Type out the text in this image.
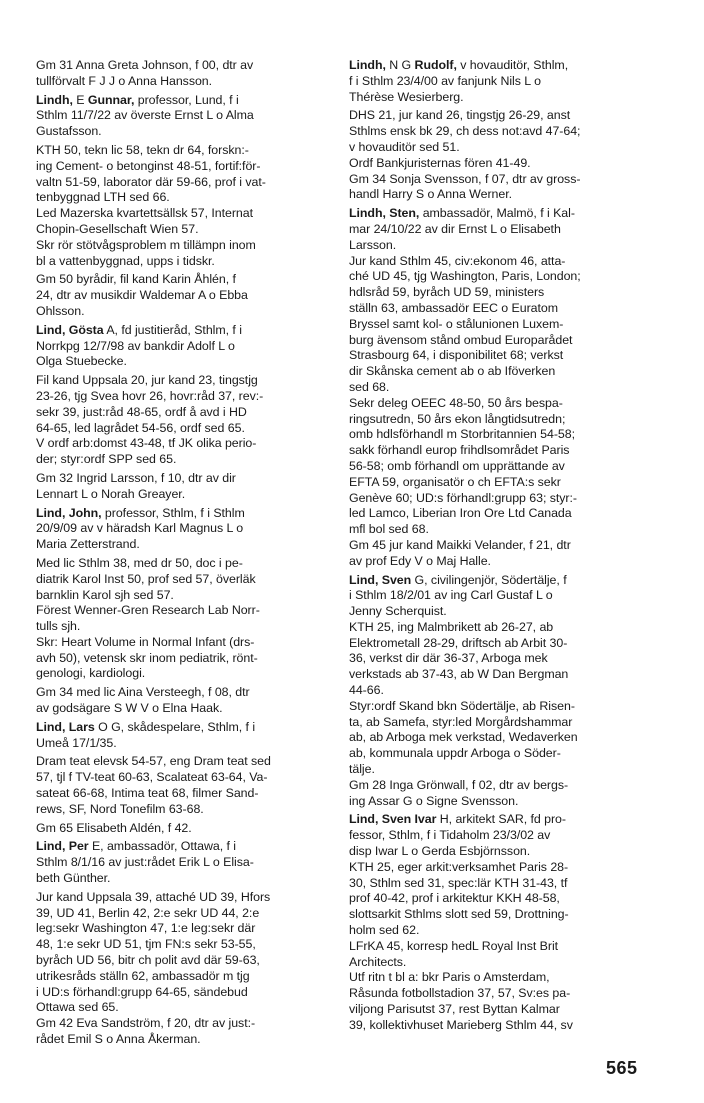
Gm 31 Anna Greta Johnson, f 00, dtr av
tullförvalt F J J o Anna Hansson.
Lindh, E Gunnar, professor, Lund, f i
Sthlm 11/7/22 av överste Ernst L o Alma
Gustafsson.
KTH 50, tekn lic 58, tekn dr 64, forskn:-
ing Cement- o betonginst 48-51, fortif:för-
valtn 51-59, laborator där 59-66, prof i vat-
tenbyggnad LTH sed 66.
Led Mazerska kvartettsällsk 57, Internat
Chopin-Gesellschaft Wien 57.
Skr rör stötvågsproblem m tillämpn inom
bl a vattenbyggnad, upps i tidskr.
Gm 50 byrådir, fil kand Karin Åhlén, f
24, dtr av musikdir Waldemar A o Ebba
Ohlsson.
Lind, Gösta A, fd justitieråd, Sthlm, f i
Norrkpg 12/7/98 av bankdir Adolf L o
Olga Stuebecke.
Fil kand Uppsala 20, jur kand 23, tingstjg
23-26, tjg Svea hovr 26, hovr:råd 37, rev:-
sekr 39, just:råd 48-65, ordf å avd i HD
64-65, led lagrådet 54-56, ordf sed 65.
V ordf arb:domst 43-48, tf JK olika perio-
der; styr:ordf SPP sed 65.
Gm 32 Ingrid Larsson, f 10, dtr av dir
Lennart L o Norah Greayer.
Lind, John, professor, Sthlm, f i Sthlm
20/9/09 av v häradsh Karl Magnus L o
Maria Zetterstrand.
Med lic Sthlm 38, med dr 50, doc i pe-
diatrik Karol Inst 50, prof sed 57, överläk
barnklin Karol sjh sed 57.
Förest Wenner-Gren Research Lab Norr-
tulls sjh.
Skr: Heart Volume in Normal Infant (drs-
avh 50), vetensk skr inom pediatrik, rönt-
genologi, kardiologi.
Gm 34 med lic Aina Versteegh, f 08, dtr
av godsägare S W V o Elna Haak.
Lind, Lars O G, skådespelare, Sthlm, f i
Umeå 17/1/35.
Dram teat elevsk 54-57, eng Dram teat sed
57, tjl f TV-teat 60-63, Scalateat 63-64, Va-
sateat 66-68, Intima teat 68, filmer Sand-
rews, SF, Nord Tonefilm 63-68.
Gm 65 Elisabeth Aldén, f 42.
Lind, Per E, ambassadör, Ottawa, f i
Sthlm 8/1/16 av just:rådet Erik L o Elisa-
beth Günther.
Jur kand Uppsala 39, attaché UD 39, Hfors
39, UD 41, Berlin 42, 2:e sekr UD 44, 2:e
leg:sekr Washington 47, 1:e leg:sekr där
48, 1:e sekr UD 51, tjm FN:s sekr 53-55,
byråch UD 56, bitr ch polit avd där 59-63,
utrikesråds ställn 62, ambassadör m tjg
i UD:s förhandl:grupp 64-65, sändebud
Ottawa sed 65.
Gm 42 Eva Sandström, f 20, dtr av just:-
rådet Emil S o Anna Åkerman.
Lindh, N G Rudolf, v hovauditör, Sthlm,
f i Sthlm 23/4/00 av fanjunk Nils L o
Thérèse Wesierberg.
DHS 21, jur kand 26, tingstjg 26-29, anst
Sthlms ensk bk 29, ch dess not:avd 47-64;
v hovauditör sed 51.
Ordf Bankjuristernas fören 41-49.
Gm 34 Sonja Svensson, f 07, dtr av gross-
handl Harry S o Anna Werner.
Lindh, Sten, ambassadör, Malmö, f i Kal-
mar 24/10/22 av dir Ernst L o Elisabeth
Larsson.
Jur kand Sthlm 45, civ:ekonom 46, atta-
ché UD 45, tjg Washington, Paris, London;
hdlsråd 59, byråch UD 59, ministers
ställn 63, ambassadör EEC o Euratom
Bryssel samt kol- o stålunionen Luxem-
burg ävensom stånd ombud Europarådet
Strasbourg 64, i disponibilitet 68; verkst
dir Skånska cement ab o ab Iföverken
sed 68.
Sekr deleg OEEC 48-50, 50 års bespa-
ringsutredn, 50 års ekon långtidsutredn;
omb hdlsförhandl m Storbritannien 54-58;
sakk förhandl europ frihdlsområdet Paris
56-58; omb förhandl om upprättande av
EFTA 59, organisatör o ch EFTA:s sekr
Genève 60; UD:s förhandl:grupp 63; styr:-
led Lamco, Liberian Iron Ore Ltd Canada
mfl bol sed 68.
Gm 45 jur kand Maikki Velander, f 21, dtr
av prof Edy V o Maj Halle.
Lind, Sven G, civilingenjör, Södertälje, f
i Sthlm 18/2/01 av ing Carl Gustaf L o
Jenny Scherquist.
KTH 25, ing Malmbrikett ab 26-27, ab
Elektrometall 28-29, driftsch ab Arbit 30-
36, verkst dir där 36-37, Arboga mek
verkstads ab 37-43, ab W Dan Bergman
44-66.
Styr:ordf Skand bkn Södertälje, ab Risen-
ta, ab Samefa, styr:led Morgårdshammar
ab, ab Arboga mek verkstad, Wedaverken
ab, kommunala uppdr Arboga o Söder-
tälje.
Gm 28 Inga Grönwall, f 02, dtr av bergs-
ing Assar G o Signe Svensson.
Lind, Sven Ivar H, arkitekt SAR, fd pro-
fessor, Sthlm, f i Tidaholm 23/3/02 av
disp Iwar L o Gerda Esbjörnsson.
KTH 25, eger arkit:verksamhet Paris 28-
30, Sthlm sed 31, spec:lär KTH 31-43, tf
prof 40-42, prof i arkitektur KKH 48-58,
slottsarkit Sthlms slott sed 59, Drottning-
holm sed 62.
LFrKA 45, korresp hedL Royal Inst Brit
Architects.
Utf ritn t bl a: bkr Paris o Amsterdam,
Råsunda fotbollstadion 37, 57, Sv:es pa-
viljong Parisutst 37, rest Byttan Kalmar
39, kollektivhuset Marieberg Sthlm 44, sv
565
